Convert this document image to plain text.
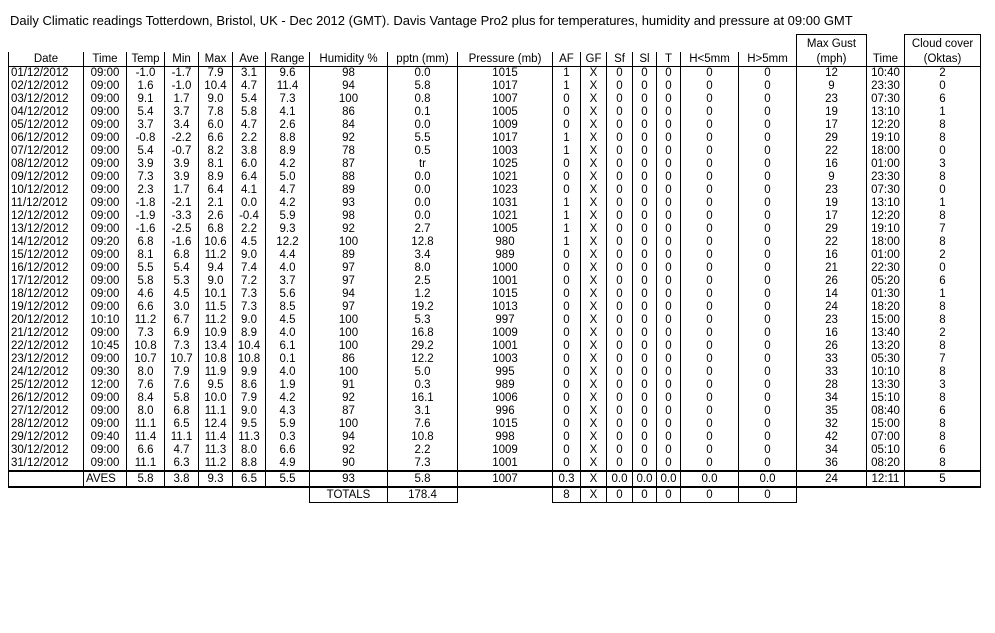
Daily Climatic readings Totterdown, Bristol, UK - Dec 2012 (GMT). Davis Vantage Pro2 plus for temperatures, humidity and pressure at 09:00 GMT
																	Max Gust		Cloud cover
Date	Time	Temp	Min	Max	Ave	Range	Humidity %	pptn (mm)	Pressure (mb)	AF	GF	Sf	Sl	T	H<5mm	H>5mm	(mph)	Time	(Oktas)
01/12/2012	09:00	-1.0	-1.7	7.9	3.1	9.6	98	0.0	1015	1	X	0	0	0	0	0	12	10:40	2
02/12/2012	09:00	1.6	-1.0	10.4	4.7	11.4	94	5.8	1017	1	X	0	0	0	0	0	9	23:30	0
03/12/2012	09:00	9.1	1.7	9.0	5.4	7.3	100	0.8	1007	0	X	0	0	0	0	0	23	07:30	6
04/12/2012	09:00	5.4	3.7	7.8	5.8	4.1	86	0.1	1005	0	X	0	0	0	0	0	19	13:10	1
05/12/2012	09:00	3.7	3.4	6.0	4.7	2.6	84	0.0	1009	0	X	0	0	0	0	0	17	12:20	8
06/12/2012	09:00	-0.8	-2.2	6.6	2.2	8.8	92	5.5	1017	1	X	0	0	0	0	0	29	19:10	8
07/12/2012	09:00	5.4	-0.7	8.2	3.8	8.9	78	0.5	1003	1	X	0	0	0	0	0	22	18:00	0
08/12/2012	09:00	3.9	3.9	8.1	6.0	4.2	87	tr	1025	0	X	0	0	0	0	0	16	01:00	3
09/12/2012	09:00	7.3	3.9	8.9	6.4	5.0	88	0.0	1021	0	X	0	0	0	0	0	9	23:30	8
10/12/2012	09:00	2.3	1.7	6.4	4.1	4.7	89	0.0	1023	0	X	0	0	0	0	0	23	07:30	0
11/12/2012	09:00	-1.8	-2.1	2.1	0.0	4.2	93	0.0	1031	1	X	0	0	0	0	0	19	13:10	1
12/12/2012	09:00	-1.9	-3.3	2.6	-0.4	5.9	98	0.0	1021	1	X	0	0	0	0	0	17	12:20	8
13/12/2012	09:00	-1.6	-2.5	6.8	2.2	9.3	92	2.7	1005	1	X	0	0	0	0	0	29	19:10	7
14/12/2012	09:20	6.8	-1.6	10.6	4.5	12.2	100	12.8	980	1	X	0	0	0	0	0	22	18:00	8
15/12/2012	09:00	8.1	6.8	11.2	9.0	4.4	89	3.4	989	0	X	0	0	0	0	0	16	01:00	2
16/12/2012	09:00	5.5	5.4	9.4	7.4	4.0	97	8.0	1000	0	X	0	0	0	0	0	21	22:30	0
17/12/2012	09:00	5.8	5.3	9.0	7.2	3.7	97	2.5	1001	0	X	0	0	0	0	0	26	05:20	6
18/12/2012	09:00	4.6	4.5	10.1	7.3	5.6	94	1.2	1015	0	X	0	0	0	0	0	14	01:30	1
19/12/2012	09:00	6.6	3.0	11.5	7.3	8.5	97	19.2	1013	0	X	0	0	0	0	0	24	18:20	8
20/12/2012	10:10	11.2	6.7	11.2	9.0	4.5	100	5.3	997	0	X	0	0	0	0	0	23	15:00	8
21/12/2012	09:00	7.3	6.9	10.9	8.9	4.0	100	16.8	1009	0	X	0	0	0	0	0	16	13:40	2
22/12/2012	10:45	10.8	7.3	13.4	10.4	6.1	100	29.2	1001	0	X	0	0	0	0	0	26	13:20	8
23/12/2012	09:00	10.7	10.7	10.8	10.8	0.1	86	12.2	1003	0	X	0	0	0	0	0	33	05:30	7
24/12/2012	09:30	8.0	7.9	11.9	9.9	4.0	100	5.0	995	0	X	0	0	0	0	0	33	10:10	8
25/12/2012	12:00	7.6	7.6	9.5	8.6	1.9	91	0.3	989	0	X	0	0	0	0	0	28	13:30	3
26/12/2012	09:00	8.4	5.8	10.0	7.9	4.2	92	16.1	1006	0	X	0	0	0	0	0	34	15:10	8
27/12/2012	09:00	8.0	6.8	11.1	9.0	4.3	87	3.1	996	0	X	0	0	0	0	0	35	08:40	6
28/12/2012	09:00	11.1	6.5	12.4	9.5	5.9	100	7.6	1015	0	X	0	0	0	0	0	32	15:00	8
29/12/2012	09:40	11.4	11.1	11.4	11.3	0.3	94	10.8	998	0	X	0	0	0	0	0	42	07:00	8
30/12/2012	09:00	6.6	4.7	11.3	8.0	6.6	92	2.2	1009	0	X	0	0	0	0	0	34	05:10	6
31/12/2012	09:00	11.1	6.3	11.2	8.8	4.9	90	7.3	1001	0	X	0	0	0	0	0	36	08:20	8
	AVES	5.8	3.8	9.3	6.5	5.5	93	5.8	1007	0.3	X	0.0	0.0	0.0	0.0	0.0	24	12:11	5
							TOTALS	178.4		8	X	0	0	0	0	0			
